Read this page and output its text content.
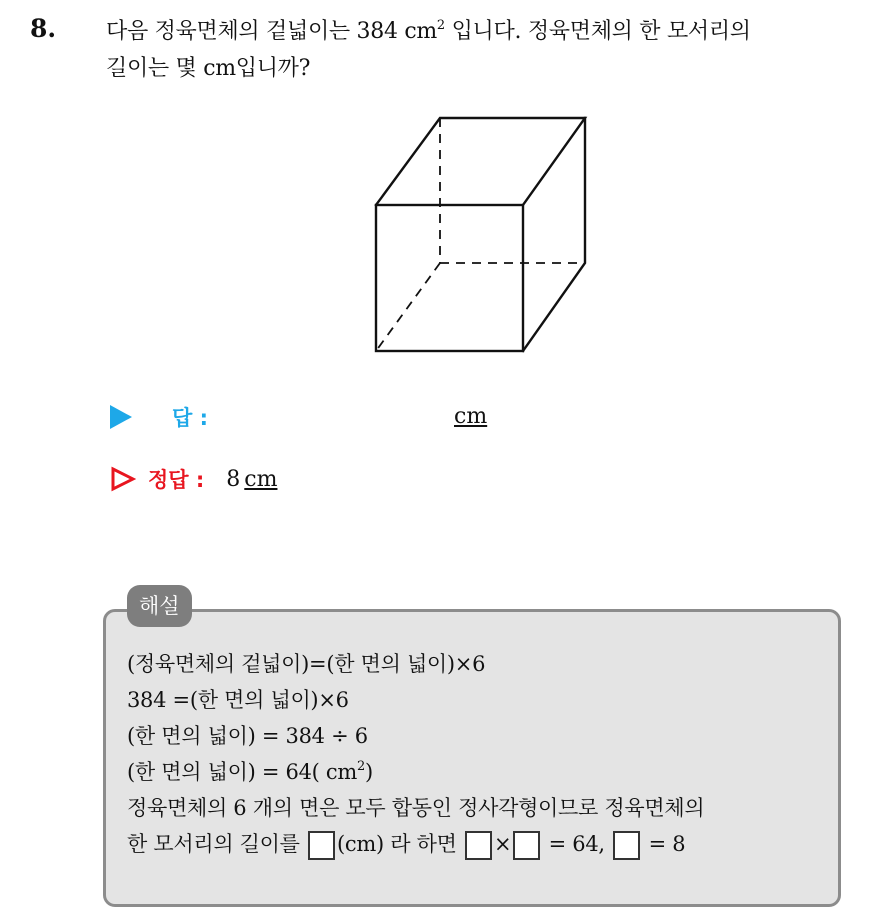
8. 다음 정육면체의 겉넓이는 384 $cm^2$ 입니다. 정육면체의 한 모서리의
길이는 몇 cm입니까?
답 :	cm
정답 : 8 cm
해설
(정육면체의 겉넓이)=(한 면의 넓이)×6
384 =(한 면의 넓이)×6
(한 면의 넓이) = 384 ÷ 6
(한 면의 넓이) = 64( $cm^2$)
정육면체의 6 개의 면은 모두 합동인 정사각형이므로 정육면체의
한 모서리의 길이를 (cm) 라 하면 × = 64,  = 8
